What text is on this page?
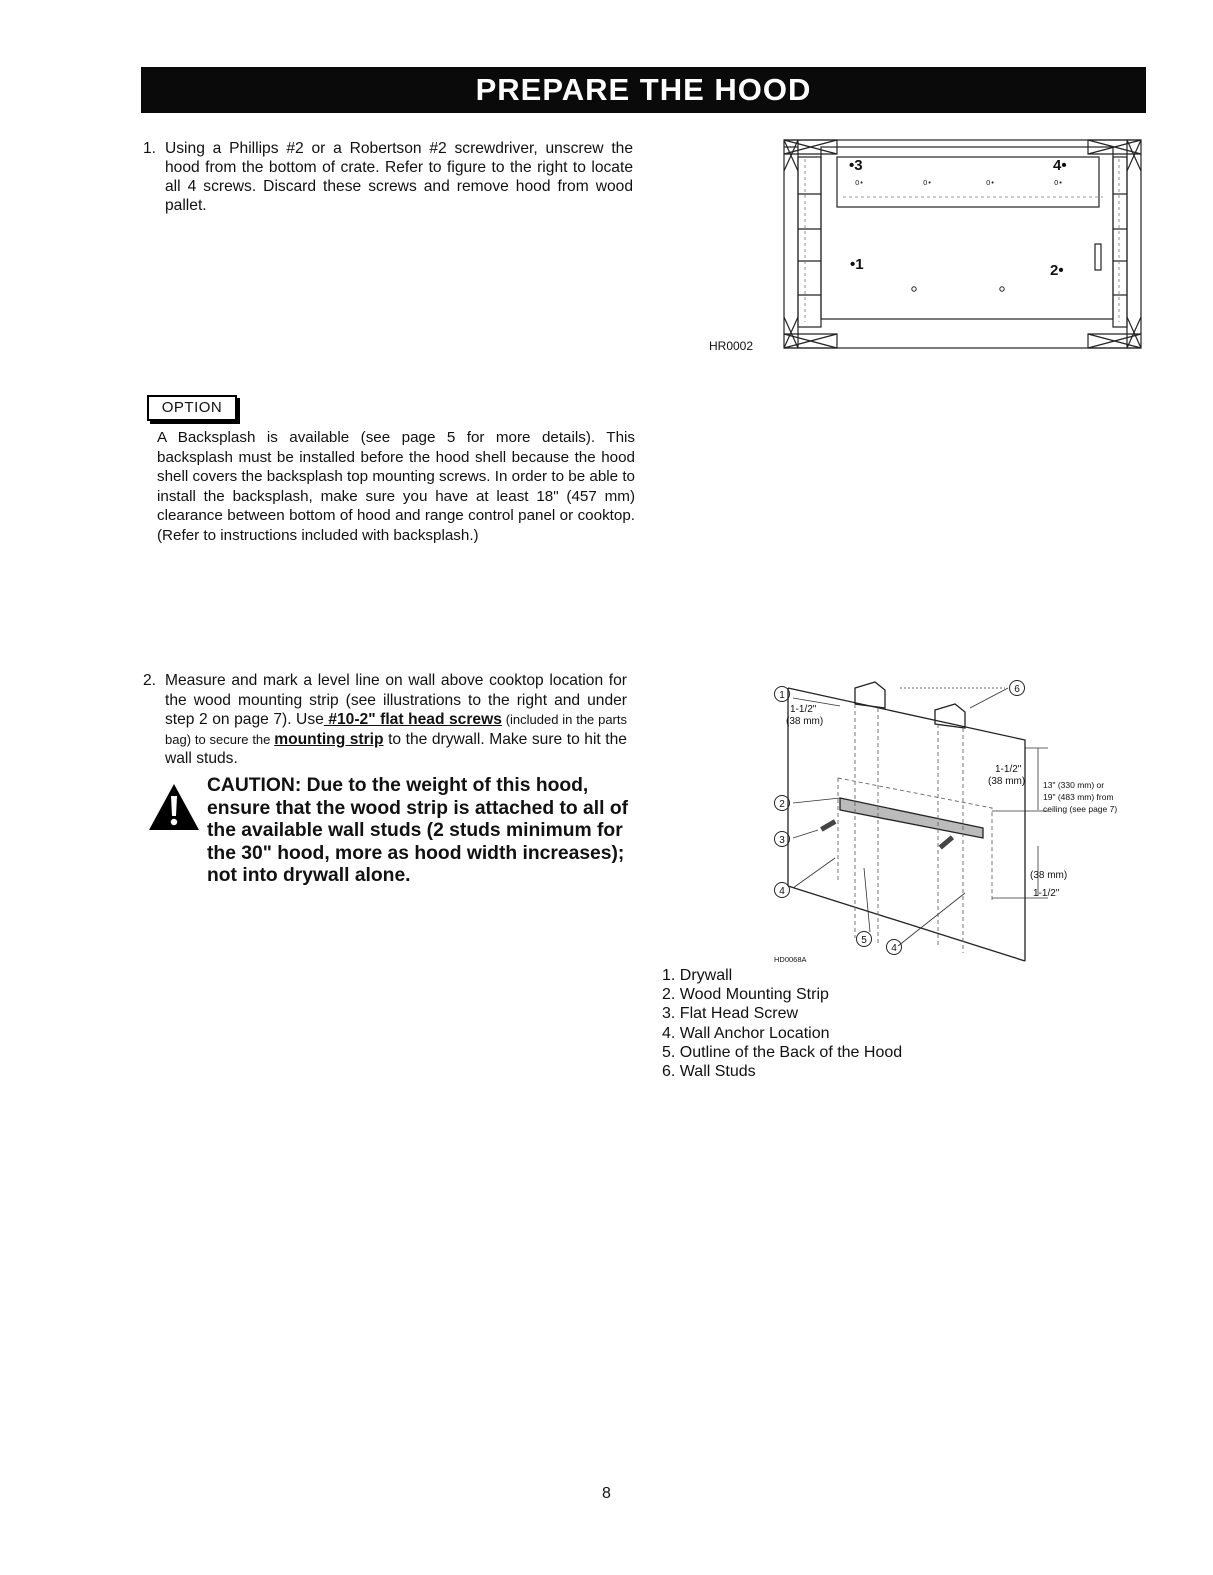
PREPARE THE HOOD
1. Using a Phillips #2 or a Robertson #2 screwdriver, unscrew the hood from the bottom of crate. Refer to figure to the right to locate all 4 screws. Discard these screws and remove hood from wood pallet.
0•	0•	0•	0•
•3	4•
•1	2•
HR0002
OPTION
A Backsplash is available (see page 5 for more details). This backsplash must be installed before the hood shell because the hood shell covers the backsplash top mounting screws. In order to be able to install the backsplash, make sure you have at least 18" (457 mm) clearance between bottom of hood and range control panel or cooktop. (Refer to instructions included with backsplash.)
2. Measure and mark a level line on wall above cooktop location for the wood mounting strip (see illustrations to the right and under step 2 on page 7). Use #10-2" flat head screws (included in the parts bag) to secure the mounting strip to the drywall. Make sure to hit the wall studs.
CAUTION: Due to the weight of this hood, ensure that the wood strip is attached to all of the available wall studs (2 studs minimum for the 30" hood, more as hood width increases); not into drywall alone.
1
2
3
4
5
4
6
1-1/2"
(38 mm)
1-1/2"
(38 mm)
1-1/2"
(38 mm)
13" (330 mm) or
19" (483 mm) from
ceiling (see page 7)
HD0068A
1. Drywall
2. Wood Mounting Strip
3. Flat Head Screw
4. Wall Anchor Location
5. Outline of the Back of the Hood
6. Wall Studs
8
